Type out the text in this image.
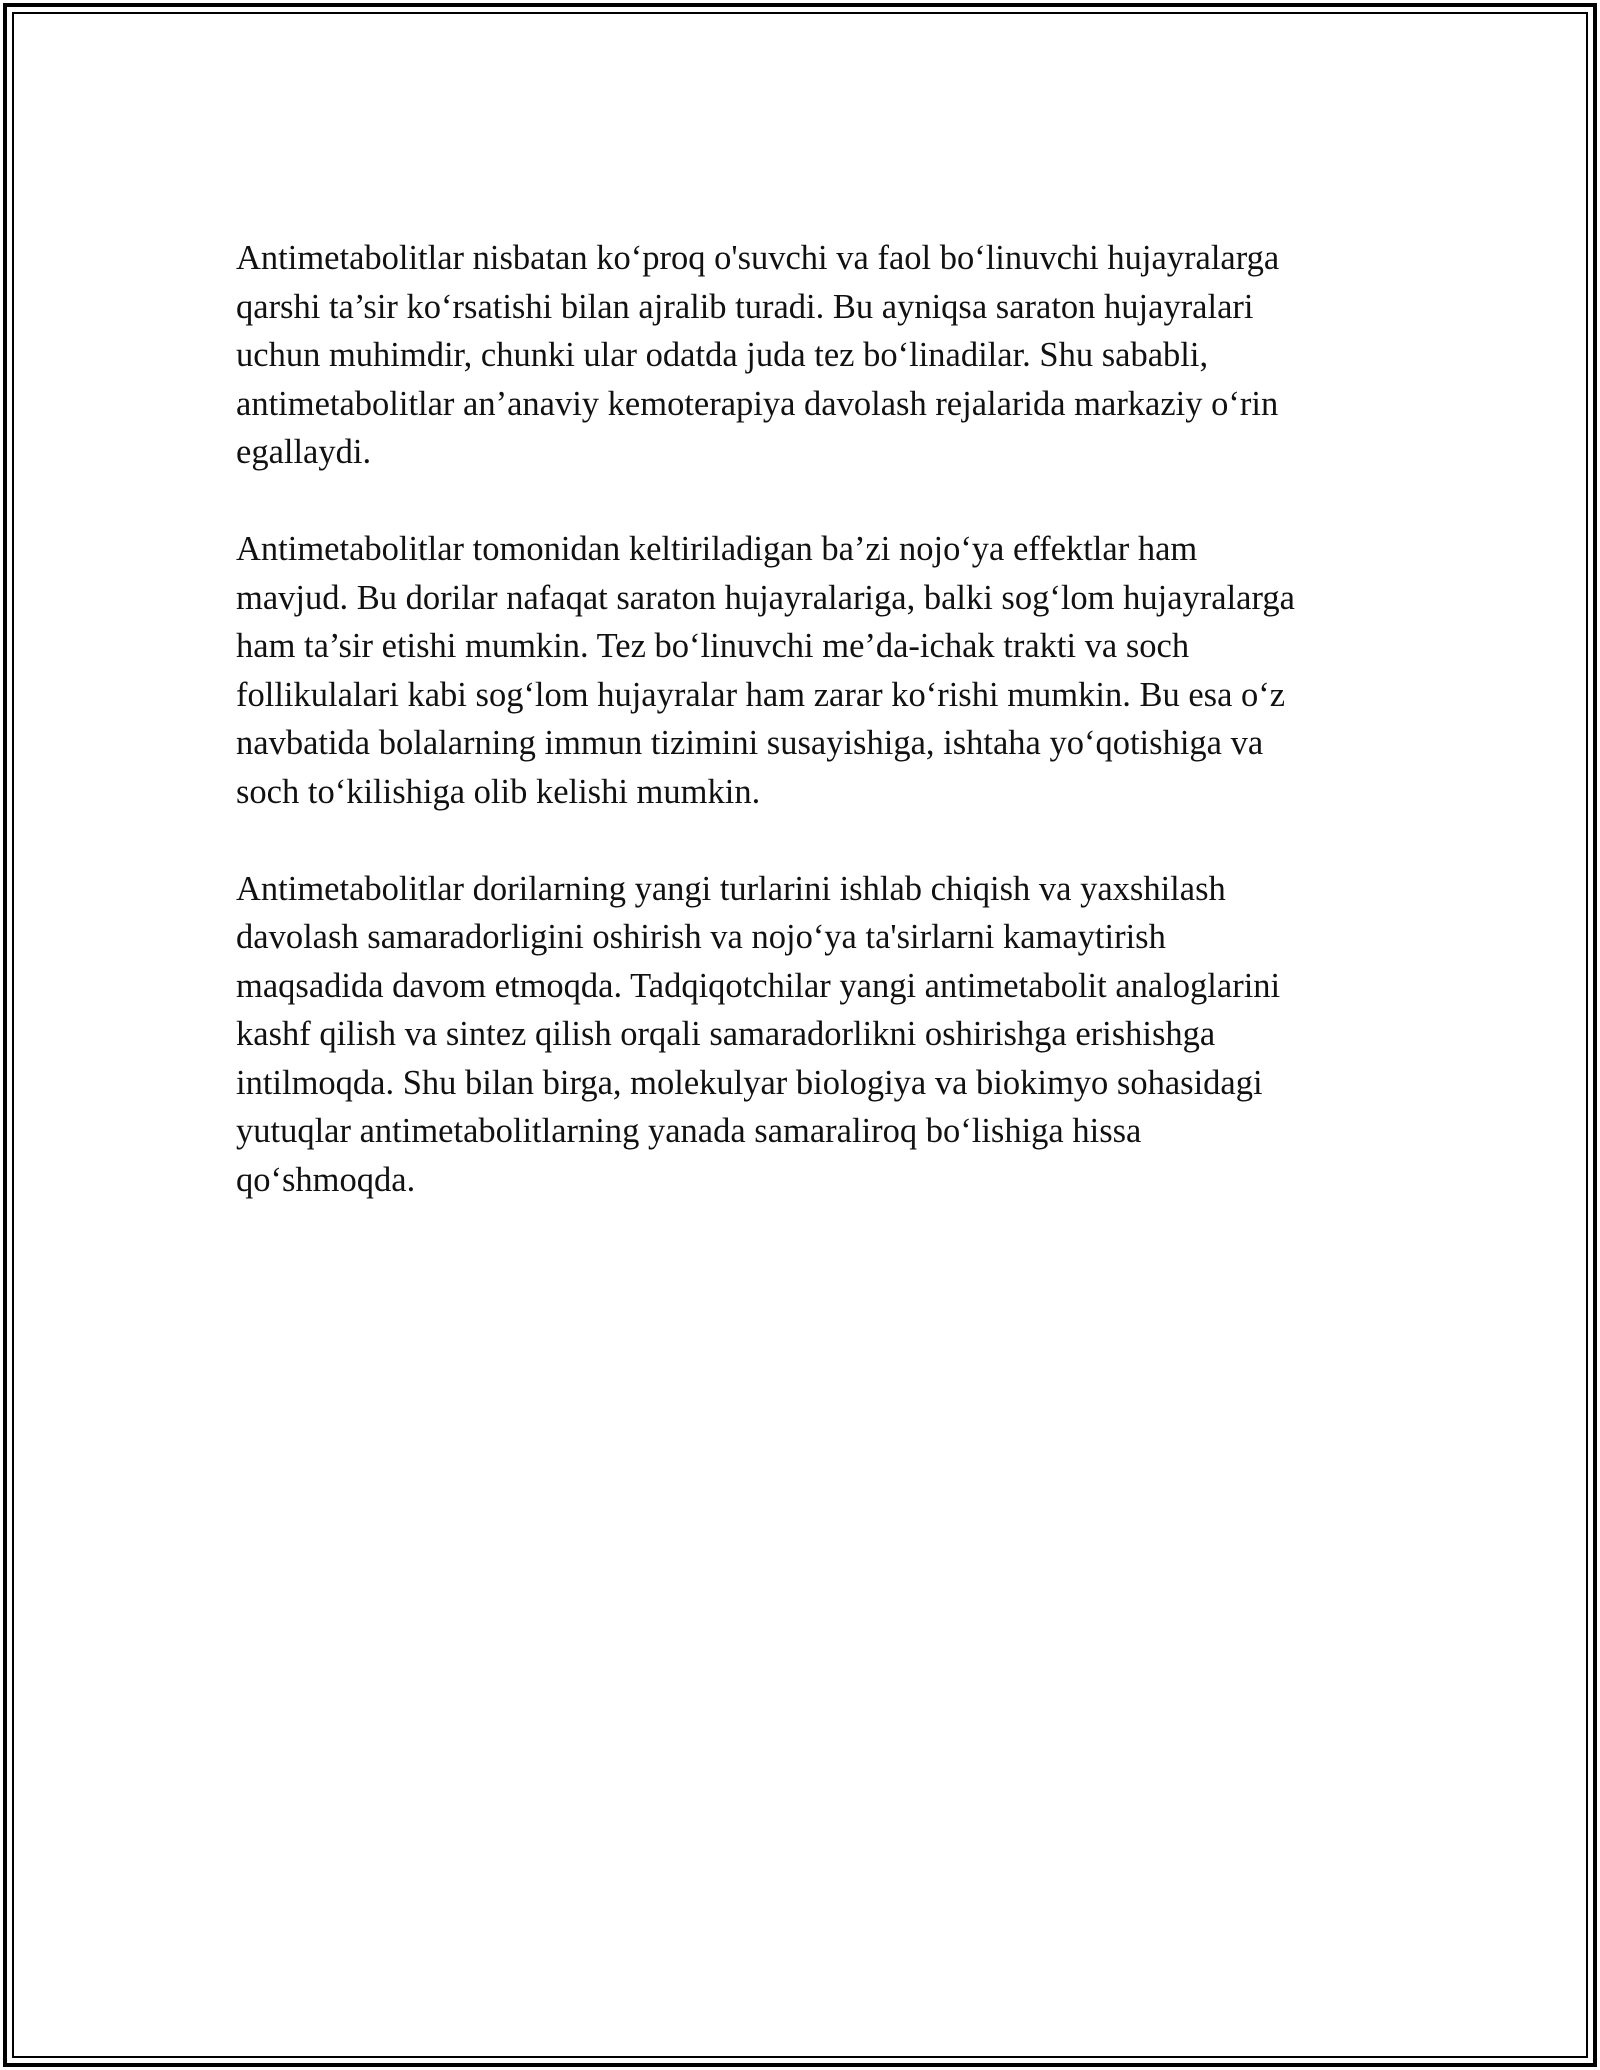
Antimetabolitlar nisbatan ko‘proq o'suvchi va faol bo‘linuvchi hujayralarga
qarshi ta’sir ko‘rsatishi bilan ajralib turadi. Bu ayniqsa saraton hujayralari
uchun muhimdir, chunki ular odatda juda tez bo‘linadilar. Shu sababli,
antimetabolitlar an’anaviy kemoterapiya davolash rejalarida markaziy o‘rin
egallaydi.

Antimetabolitlar tomonidan keltiriladigan ba’zi nojo‘ya effektlar ham
mavjud. Bu dorilar nafaqat saraton hujayralariga, balki sog‘lom hujayralarga
ham ta’sir etishi mumkin. Tez bo‘linuvchi me’da-ichak trakti va soch
follikulalari kabi sog‘lom hujayralar ham zarar ko‘rishi mumkin. Bu esa o‘z
navbatida bolalarning immun tizimini susayishiga, ishtaha yo‘qotishiga va
soch to‘kilishiga olib kelishi mumkin.

Antimetabolitlar dorilarning yangi turlarini ishlab chiqish va yaxshilash
davolash samaradorligini oshirish va nojo‘ya ta'sirlarni kamaytirish
maqsadida davom etmoqda. Tadqiqotchilar yangi antimetabolit analoglarini
kashf qilish va sintez qilish orqali samaradorlikni oshirishga erishishga
intilmoqda. Shu bilan birga, molekulyar biologiya va biokimyo sohasidagi
yutuqlar antimetabolitlarning yanada samaraliroq bo‘lishiga hissa
qo‘shmoqda.
